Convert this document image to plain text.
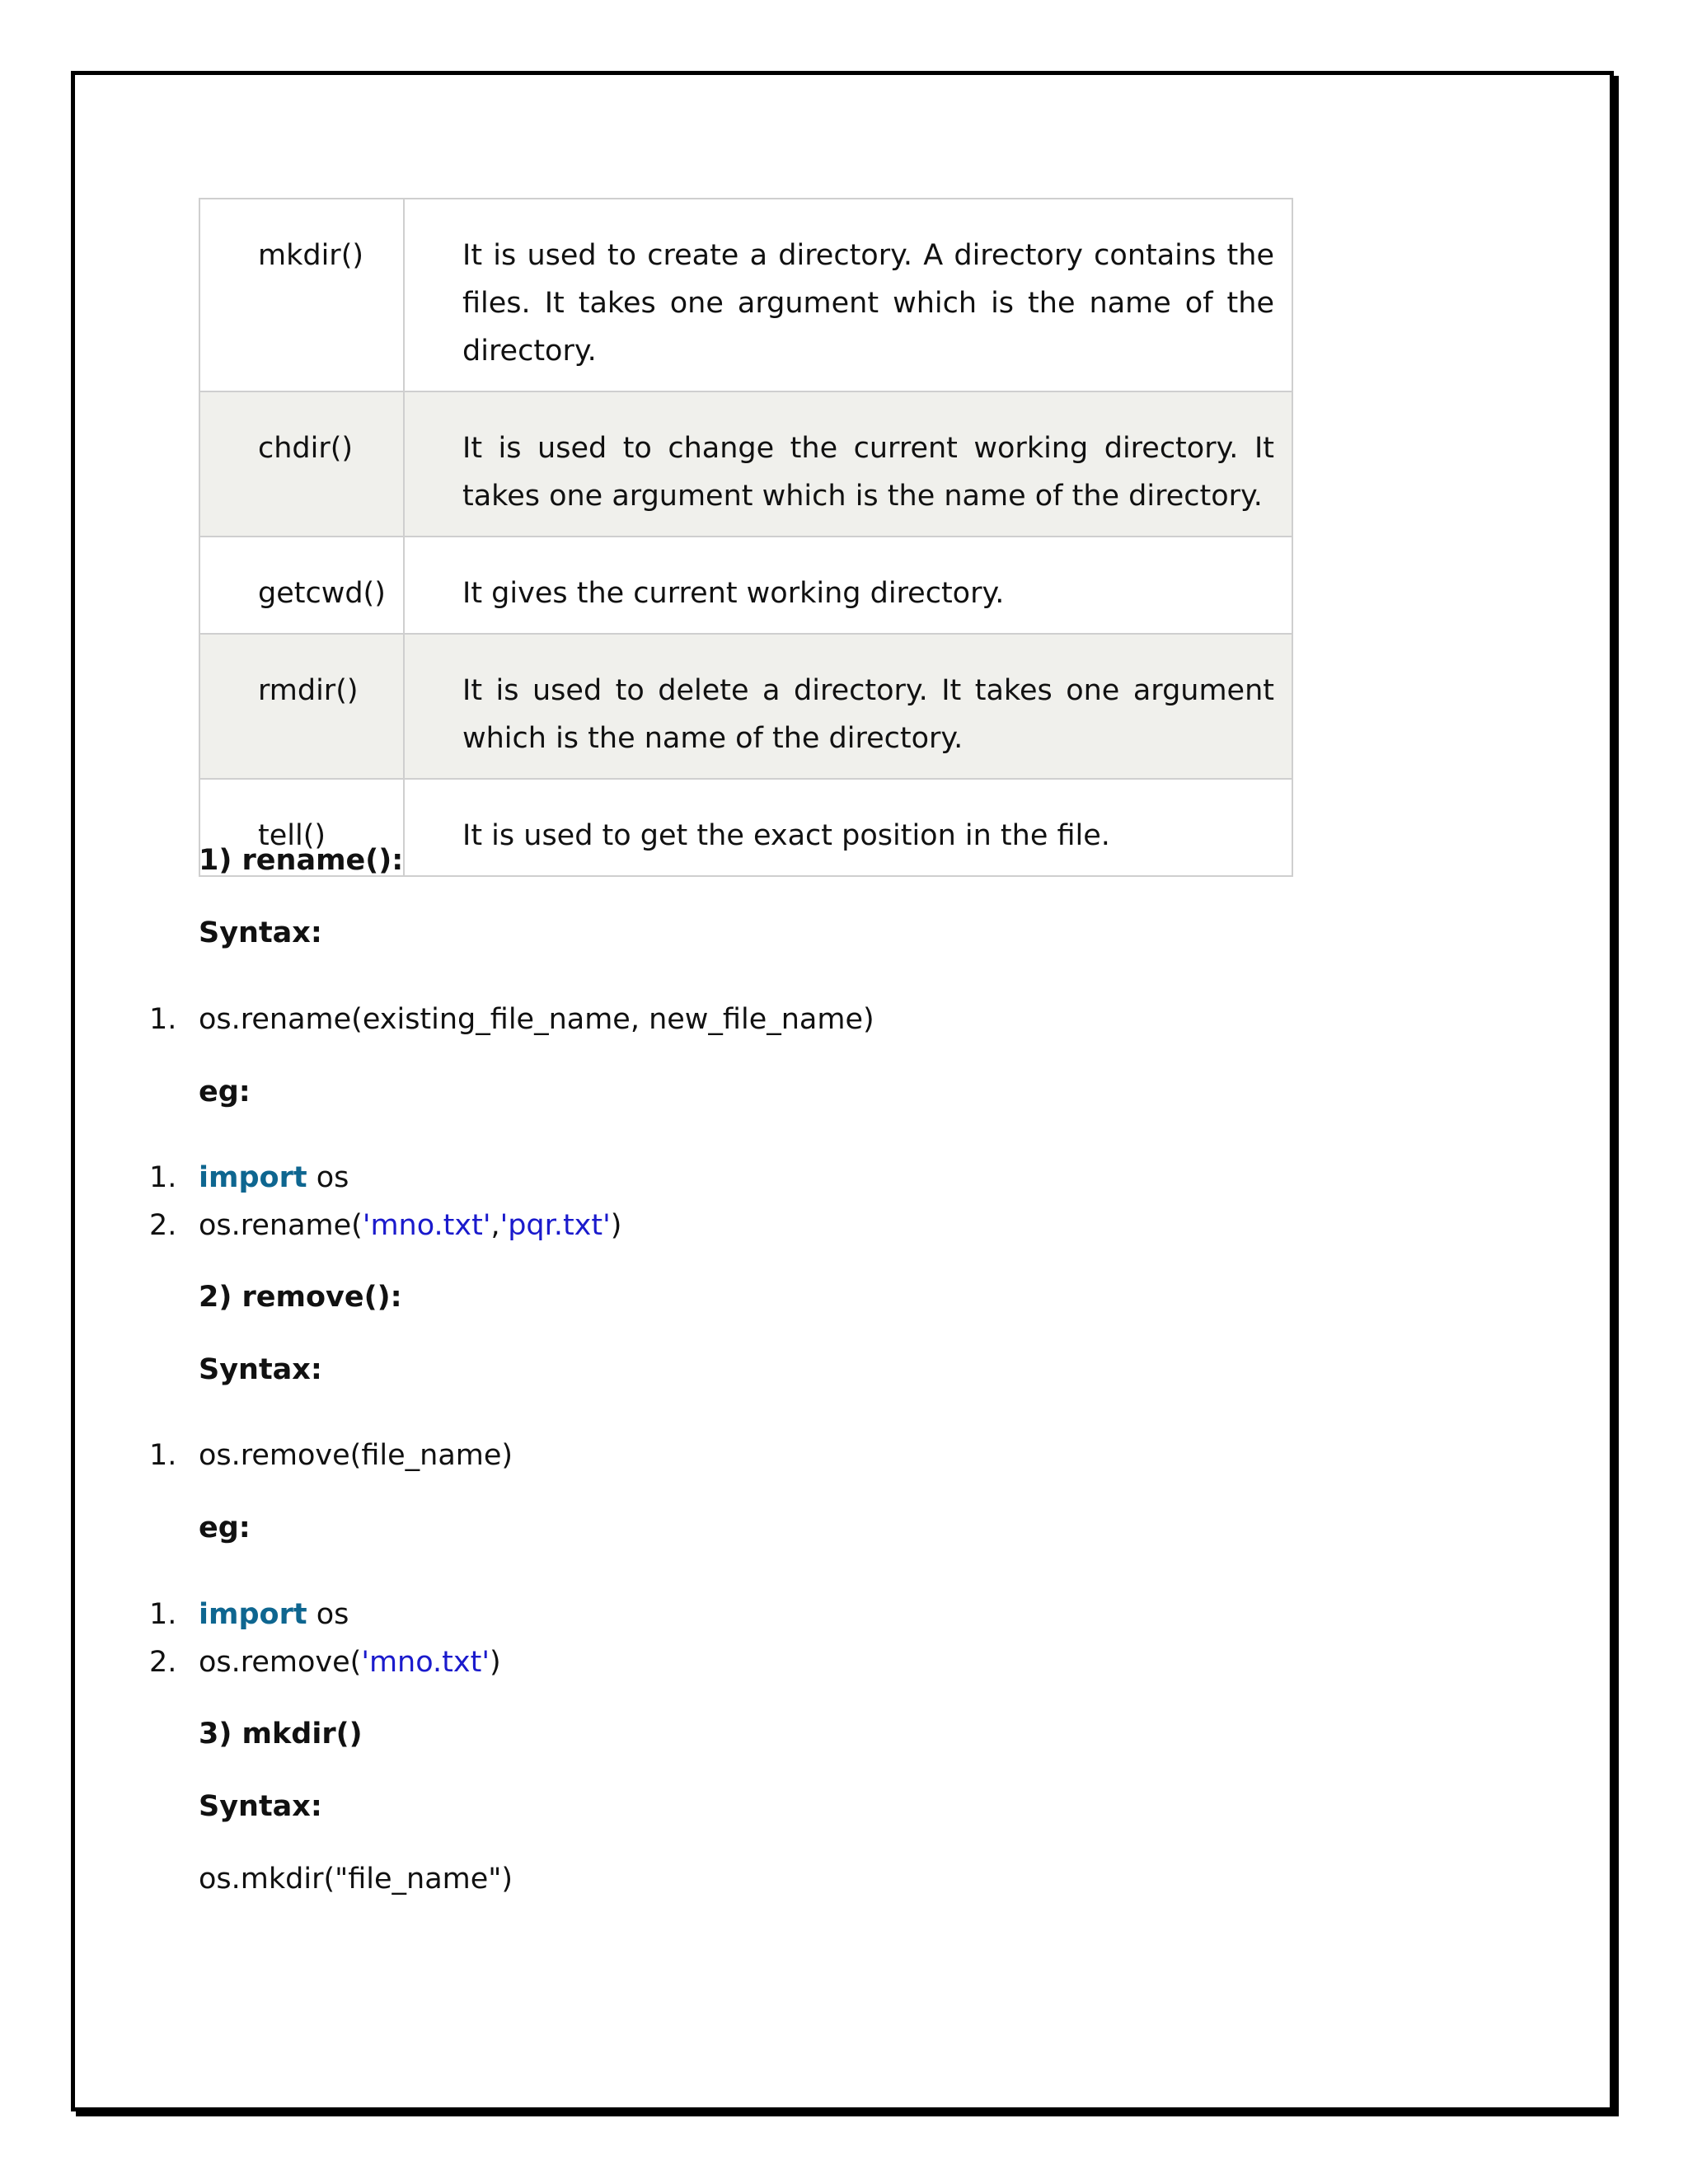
mkdir()	It is used to create a directory. A directory contains the files. It takes one argument which is the name of the directory.
chdir()	It is used to change the current working directory. It takes one argument which is the name of the directory.
getcwd()	It gives the current working directory.
rmdir()	It is used to delete a directory. It takes one argument which is the name of the directory.
tell()	It is used to get the exact position in the file.
1) rename():
Syntax:
1. os.rename(existing_file_name, new_file_name)
eg:
1. import os
2. os.rename('mno.txt','pqr.txt')
2) remove():
Syntax:
1. os.remove(file_name)
eg:
1. import os
2. os.remove('mno.txt')
3) mkdir()
Syntax:
os.mkdir("file_name")
